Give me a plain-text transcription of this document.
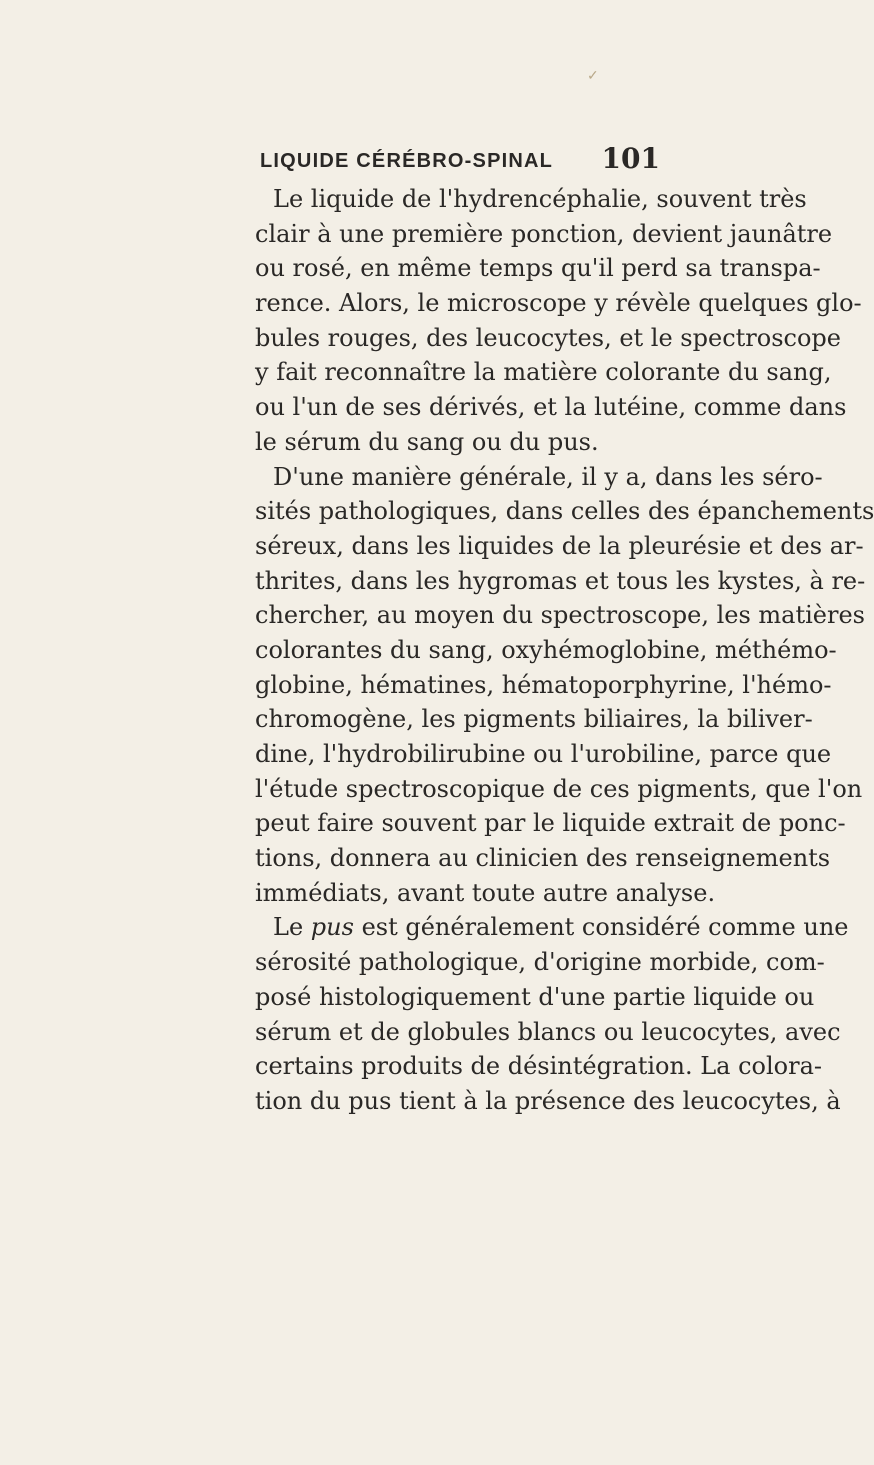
✓
LIQUIDE CÉRÉBRO-SPINAL 101
Le liquide de l'hydrencéphalie, souvent très
clair à une première ponction, devient jaunâtre
ou rosé, en même temps qu'il perd sa transpa-
rence. Alors, le microscope y révèle quelques glo-
bules rouges, des leucocytes, et le spectroscope
y fait reconnaître la matière colorante du sang,
ou l'un de ses dérivés, et la lutéine, comme dans
le sérum du sang ou du pus.
D'une manière générale, il y a, dans les séro-
sités pathologiques, dans celles des épanchements
séreux, dans les liquides de la pleurésie et des ar-
thrites, dans les hygromas et tous les kystes, à re-
chercher, au moyen du spectroscope, les matières
colorantes du sang, oxyhémoglobine, méthémo-
globine, hématines, hématoporphyrine, l'hémo-
chromogène, les pigments biliaires, la biliver-
dine, l'hydrobilirubine ou l'urobiline, parce que
l'étude spectroscopique de ces pigments, que l'on
peut faire souvent par le liquide extrait de ponc-
tions, donnera au clinicien des renseignements
immédiats, avant toute autre analyse.
Le pus est généralement considéré comme une
sérosité pathologique, d'origine morbide, com-
posé histologiquement d'une partie liquide ou
sérum et de globules blancs ou leucocytes, avec
certains produits de désintégration. La colora-
tion du pus tient à la présence des leucocytes, à
